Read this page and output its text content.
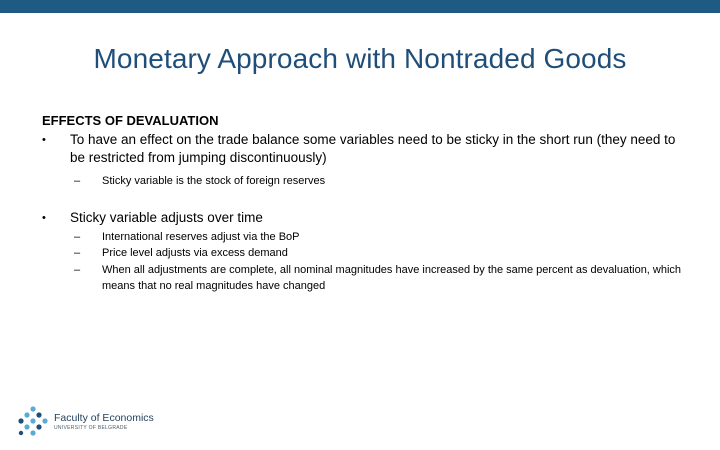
Monetary Approach with Nontraded Goods
EFFECTS OF DEVALUATION
•	To have an effect on the trade balance some variables need to be sticky in the short run (they need to be restricted from jumping discontinuously)
– Sticky variable is the stock of foreign reserves
•	Sticky variable adjusts over time
– International reserves adjust via the BoP
– Price level adjusts via excess demand
– When all adjustments are complete, all nominal magnitudes have increased by the same percent as devaluation, which means that no real magnitudes have changed
Faculty of Economics
UNIVERSITY OF BELGRADE
